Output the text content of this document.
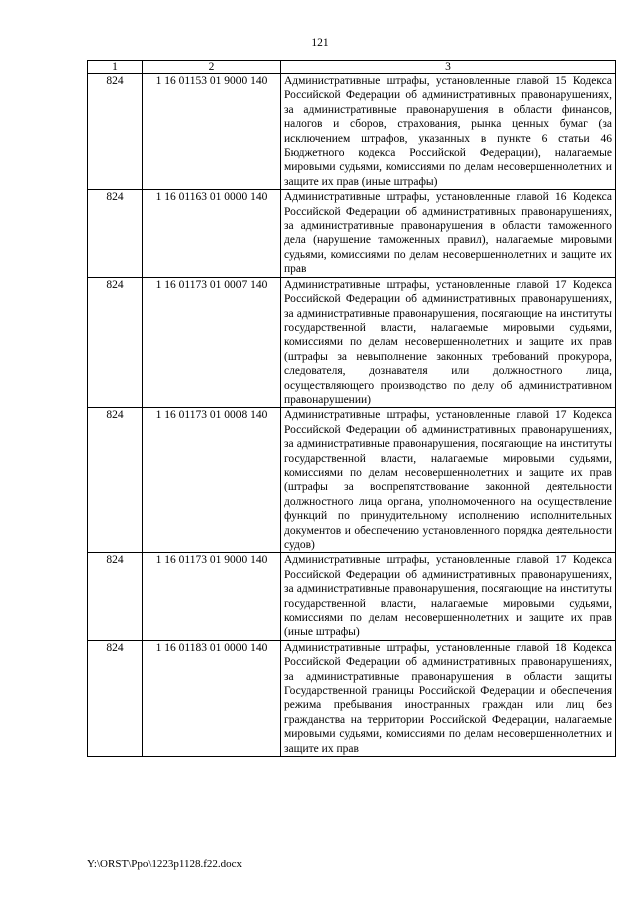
121
1	2	3
824	1 16 01153 01 9000 140	Административные штрафы, установленные главой 15 Кодекса Российской Федерации об административных правонарушениях, за административные правонарушения в области финансов, налогов и сборов, страхования, рынка ценных бумаг (за исключением штрафов, указанных в пункте 6 статьи 46 Бюджетного кодекса Российской Федерации), налагаемые мировыми судьями, комиссиями по делам несовершеннолетних и защите их прав (иные штрафы)
824	1 16 01163 01 0000 140	Административные штрафы, установленные главой 16 Кодекса Российской Федерации об административных правонарушениях, за административные правонарушения в области таможенного дела (нарушение таможенных правил), налагаемые мировыми судьями, комиссиями по делам несовершеннолетних и защите их прав
824	1 16 01173 01 0007 140	Административные штрафы, установленные главой 17 Кодекса Российской Федерации об административных правонарушениях, за административные правонарушения, посягающие на институты государственной власти, налагаемые мировыми судьями, комиссиями по делам несовершеннолетних и защите их прав (штрафы за невыполнение законных требований прокурора, следователя, дознавателя или должностного лица, осуществляющего производство по делу об административном правонарушении)
824	1 16 01173 01 0008 140	Административные штрафы, установленные главой 17 Кодекса Российской Федерации об административных правонарушениях, за административные правонарушения, посягающие на институты государственной власти, налагаемые мировыми судьями, комиссиями по делам несовершеннолетних и защите их прав (штрафы за воспрепятствование законной деятельности должностного лица органа, уполномоченного на осуществление функций по принудительному исполнению исполнительных документов и обеспечению установленного порядка деятельности судов)
824	1 16 01173 01 9000 140	Административные штрафы, установленные главой 17 Кодекса Российской Федерации об административных правонарушениях, за административные правонарушения, посягающие на институты государственной власти, налагаемые мировыми судьями, комиссиями по делам несовершеннолетних и защите их прав (иные штрафы)
824	1 16 01183 01 0000 140	Административные штрафы, установленные главой 18 Кодекса Российской Федерации об административных правонарушениях, за административные правонарушения в области защиты Государственной границы Российской Федерации и обеспечения режима пребывания иностранных граждан или лиц без гражданства на территории Российской Федерации, налагаемые мировыми судьями, комиссиями по делам несовершеннолетних и защите их прав
Y:\ORST\Ppo\1223p1128.f22.docx
